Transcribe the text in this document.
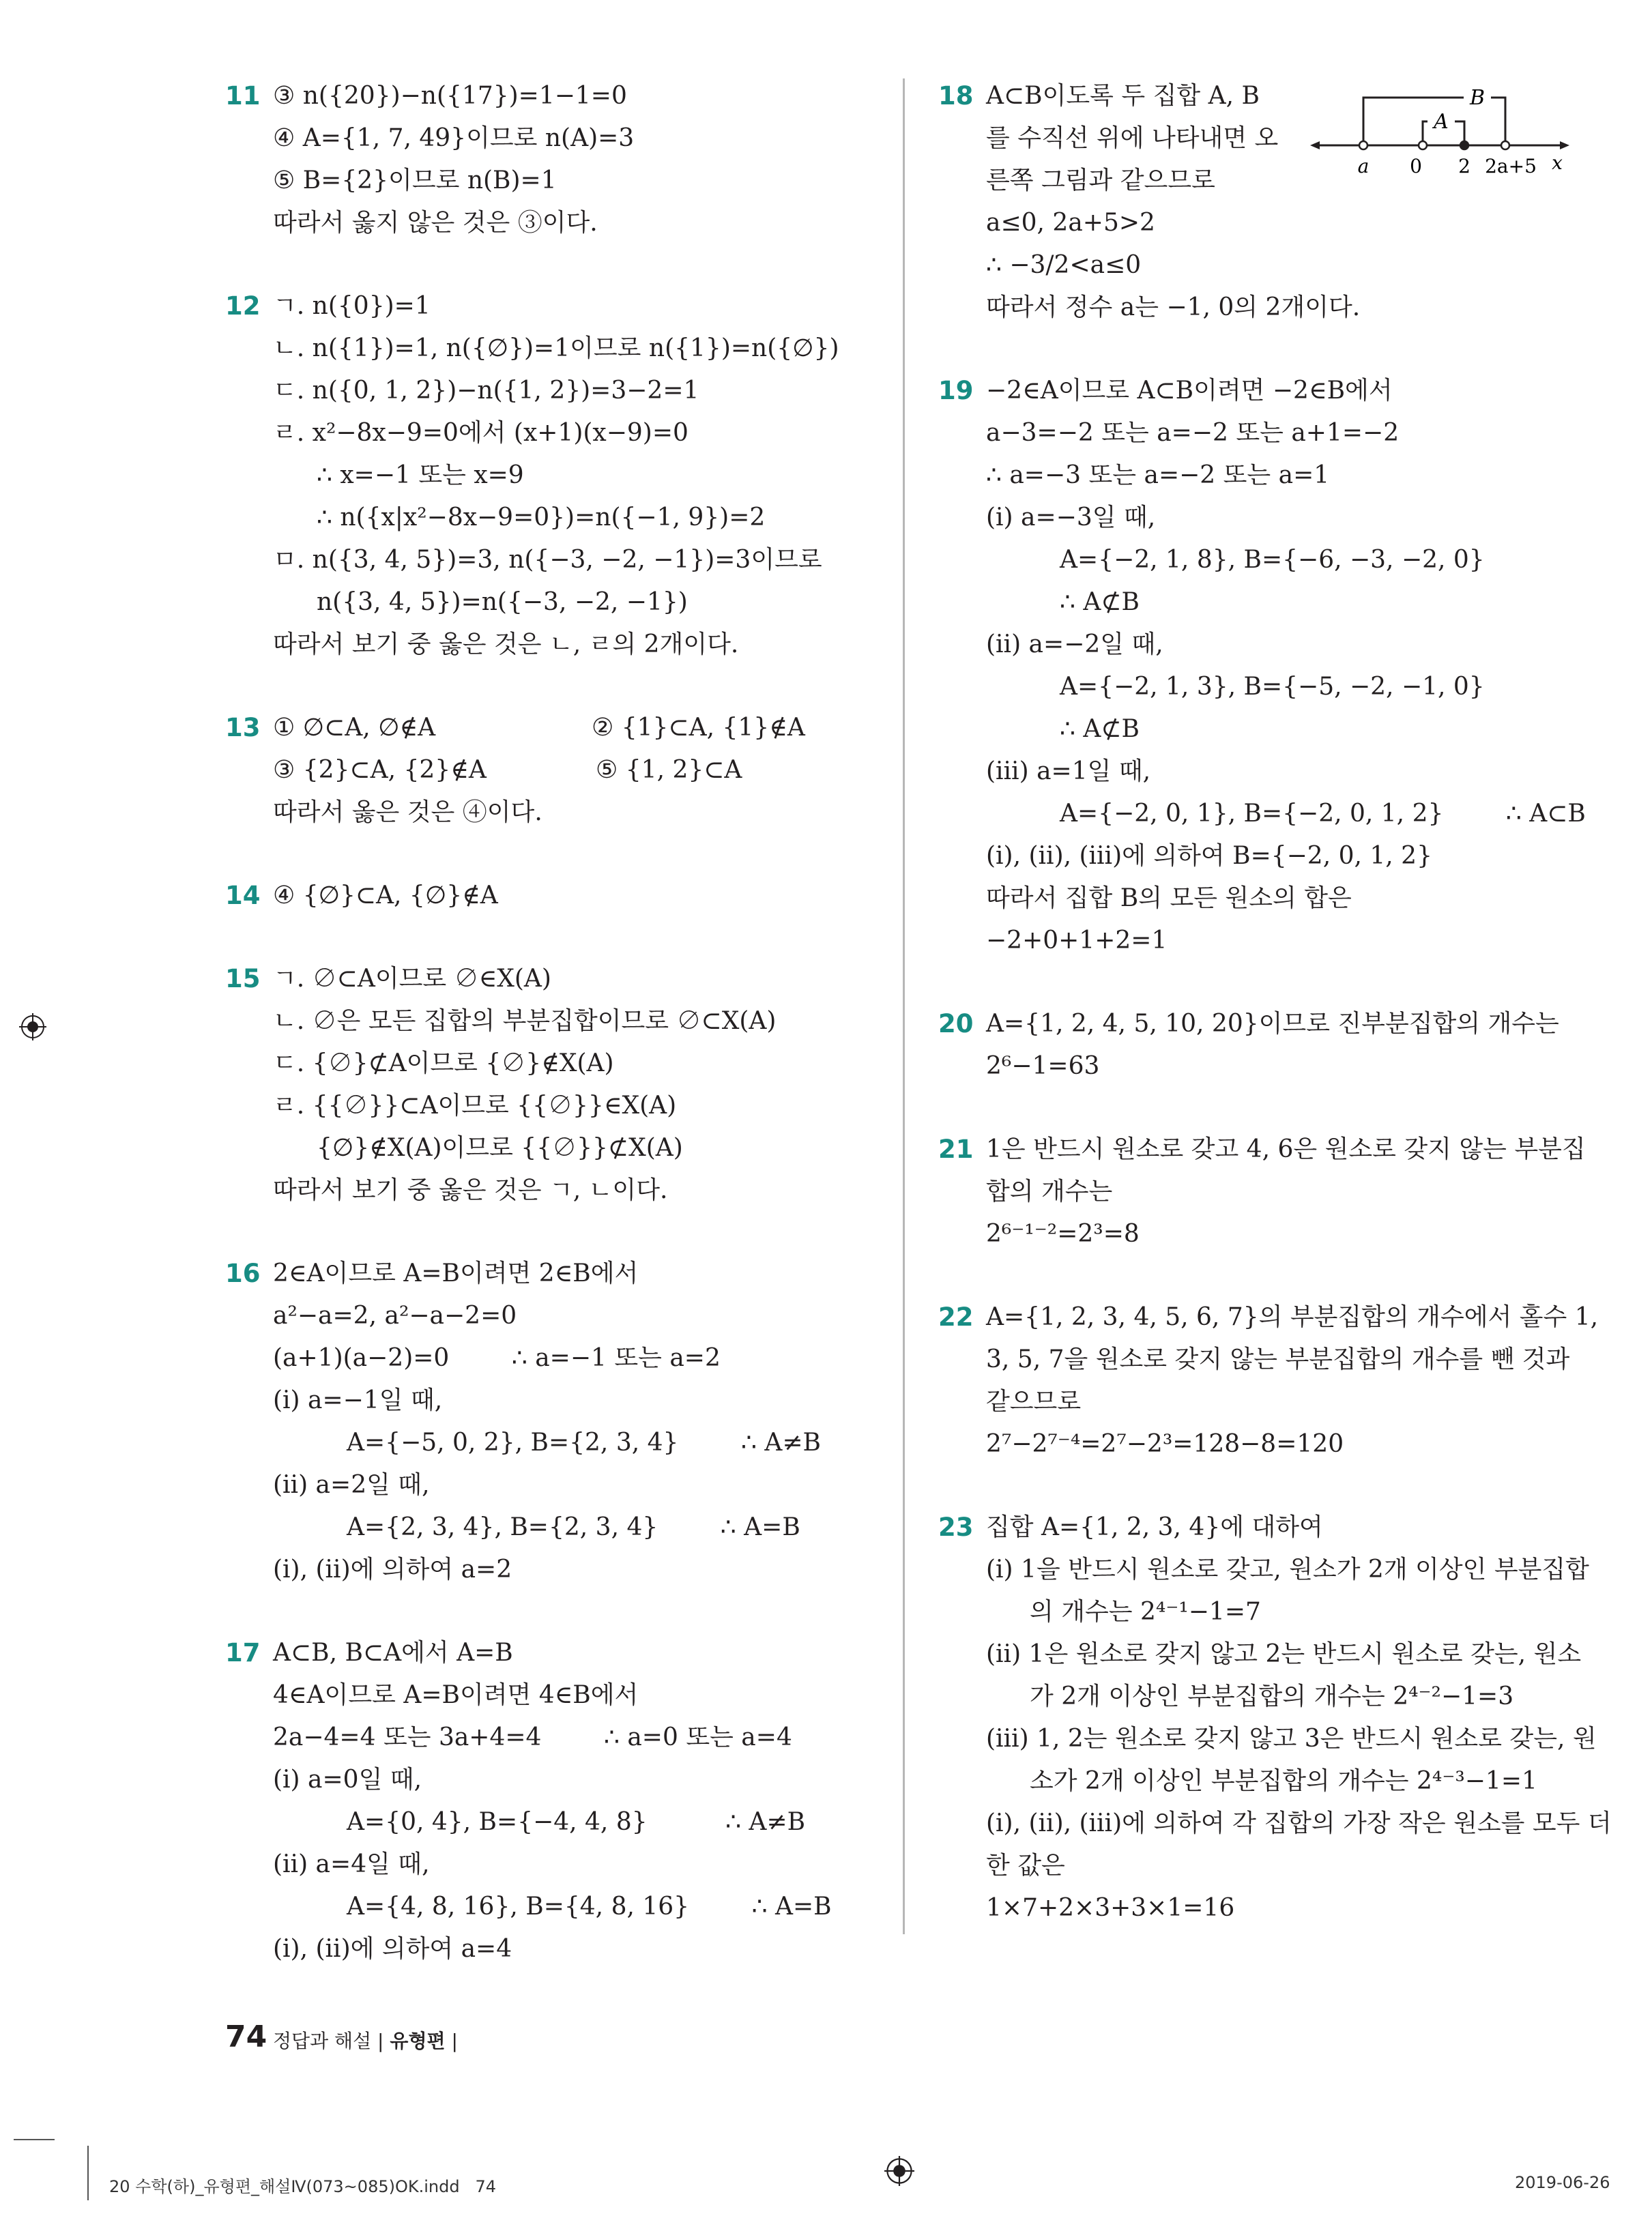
11 ③ n({20})−n({17})=1−1=0
④ A={1, 7, 49}이므로 n(A)=3
⑤ B={2}이므로 n(B)=1
따라서 옳지 않은 것은 ③이다.
12 ㄱ. n({0})=1
ㄴ. n({1})=1, n({∅})=1이므로 n({1})=n({∅})
ㄷ. n({0, 1, 2})−n({1, 2})=3−2=1
ㄹ. x²−8x−9=0에서 (x+1)(x−9)=0
∴ x=−1 또는 x=9
∴ n({x|x²−8x−9=0})=n({−1, 9})=2
ㅁ. n({3, 4, 5})=3, n({−3, −2, −1})=3이므로
n({3, 4, 5})=n({−3, −2, −1})
따라서 보기 중 옳은 것은 ㄴ, ㄹ의 2개이다.
13 ① ∅⊂A, ∅∉A                    ② {1}⊂A, {1}∉A
③ {2}⊂A, {2}∉A              ⑤ {1, 2}⊂A
따라서 옳은 것은 ④이다.
14 ④ {∅}⊂A, {∅}∉A
15 ㄱ. ∅⊂A이므로 ∅∈X(A)
ㄴ. ∅은 모든 집합의 부분집합이므로 ∅⊂X(A)
ㄷ. {∅}⊄A이므로 {∅}∉X(A)
ㄹ. {{∅}}⊂A이므로 {{∅}}∈X(A)
{∅}∉X(A)이므로 {{∅}}⊄X(A)
따라서 보기 중 옳은 것은 ㄱ, ㄴ이다.
16 2∈A이므로 A=B이려면 2∈B에서
a²−a=2, a²−a−2=0
(a+1)(a−2)=0        ∴ a=−1 또는 a=2
(ⅰ) a=−1일 때,
A={−5, 0, 2}, B={2, 3, 4}        ∴ A≠B
(ⅱ) a=2일 때,
A={2, 3, 4}, B={2, 3, 4}        ∴ A=B
(ⅰ), (ⅱ)에 의하여 a=2
17 A⊂B, B⊂A에서 A=B
4∈A이므로 A=B이려면 4∈B에서
2a−4=4 또는 3a+4=4        ∴ a=0 또는 a=4
(ⅰ) a=0일 때,
A={0, 4}, B={−4, 4, 8}          ∴ A≠B
(ⅱ) a=4일 때,
A={4, 8, 16}, B={4, 8, 16}        ∴ A=B
(ⅰ), (ⅱ)에 의하여 a=4
18 A⊂B이도록 두 집합 A, B
를 수직선 위에 나타내면 오
른쪽 그림과 같으므로
a≤0, 2a+5>2
∴ −3/2<a≤0
따라서 정수 a는 −1, 0의 2개이다.
19 −2∈A이므로 A⊂B이려면 −2∈B에서
a−3=−2 또는 a=−2 또는 a+1=−2
∴ a=−3 또는 a=−2 또는 a=1
(ⅰ) a=−3일 때,
A={−2, 1, 8}, B={−6, −3, −2, 0}
∴ A⊄B
(ⅱ) a=−2일 때,
A={−2, 1, 3}, B={−5, −2, −1, 0}
∴ A⊄B
(ⅲ) a=1일 때,
A={−2, 0, 1}, B={−2, 0, 1, 2}        ∴ A⊂B
(ⅰ), (ⅱ), (ⅲ)에 의하여 B={−2, 0, 1, 2}
따라서 집합 B의 모든 원소의 합은
−2+0+1+2=1
20 A={1, 2, 4, 5, 10, 20}이므로 진부분집합의 개수는
2⁶−1=63
21 1은 반드시 원소로 갖고 4, 6은 원소로 갖지 않는 부분집
합의 개수는
2⁶⁻¹⁻²=2³=8
22 A={1, 2, 3, 4, 5, 6, 7}의 부분집합의 개수에서 홀수 1,
3, 5, 7을 원소로 갖지 않는 부분집합의 개수를 뺀 것과
같으므로
2⁷−2⁷⁻⁴=2⁷−2³=128−8=120
23 집합 A={1, 2, 3, 4}에 대하여
(ⅰ) 1을 반드시 원소로 갖고, 원소가 2개 이상인 부분집합
의 개수는 2⁴⁻¹−1=7
(ⅱ) 1은 원소로 갖지 않고 2는 반드시 원소로 갖는, 원소
가 2개 이상인 부분집합의 개수는 2⁴⁻²−1=3
(ⅲ) 1, 2는 원소로 갖지 않고 3은 반드시 원소로 갖는, 원
소가 2개 이상인 부분집합의 개수는 2⁴⁻³−1=1
(ⅰ), (ⅱ), (ⅲ)에 의하여 각 집합의 가장 작은 원소를 모두 더
한 값은
1×7+2×3+3×1=16
B
A
a 0 2 2a+5 x
74 정답과 해설 | 유형편 |
20 수학(하)_유형편_해설Ⅳ(073~085)OK.indd   74	2019-06-26
